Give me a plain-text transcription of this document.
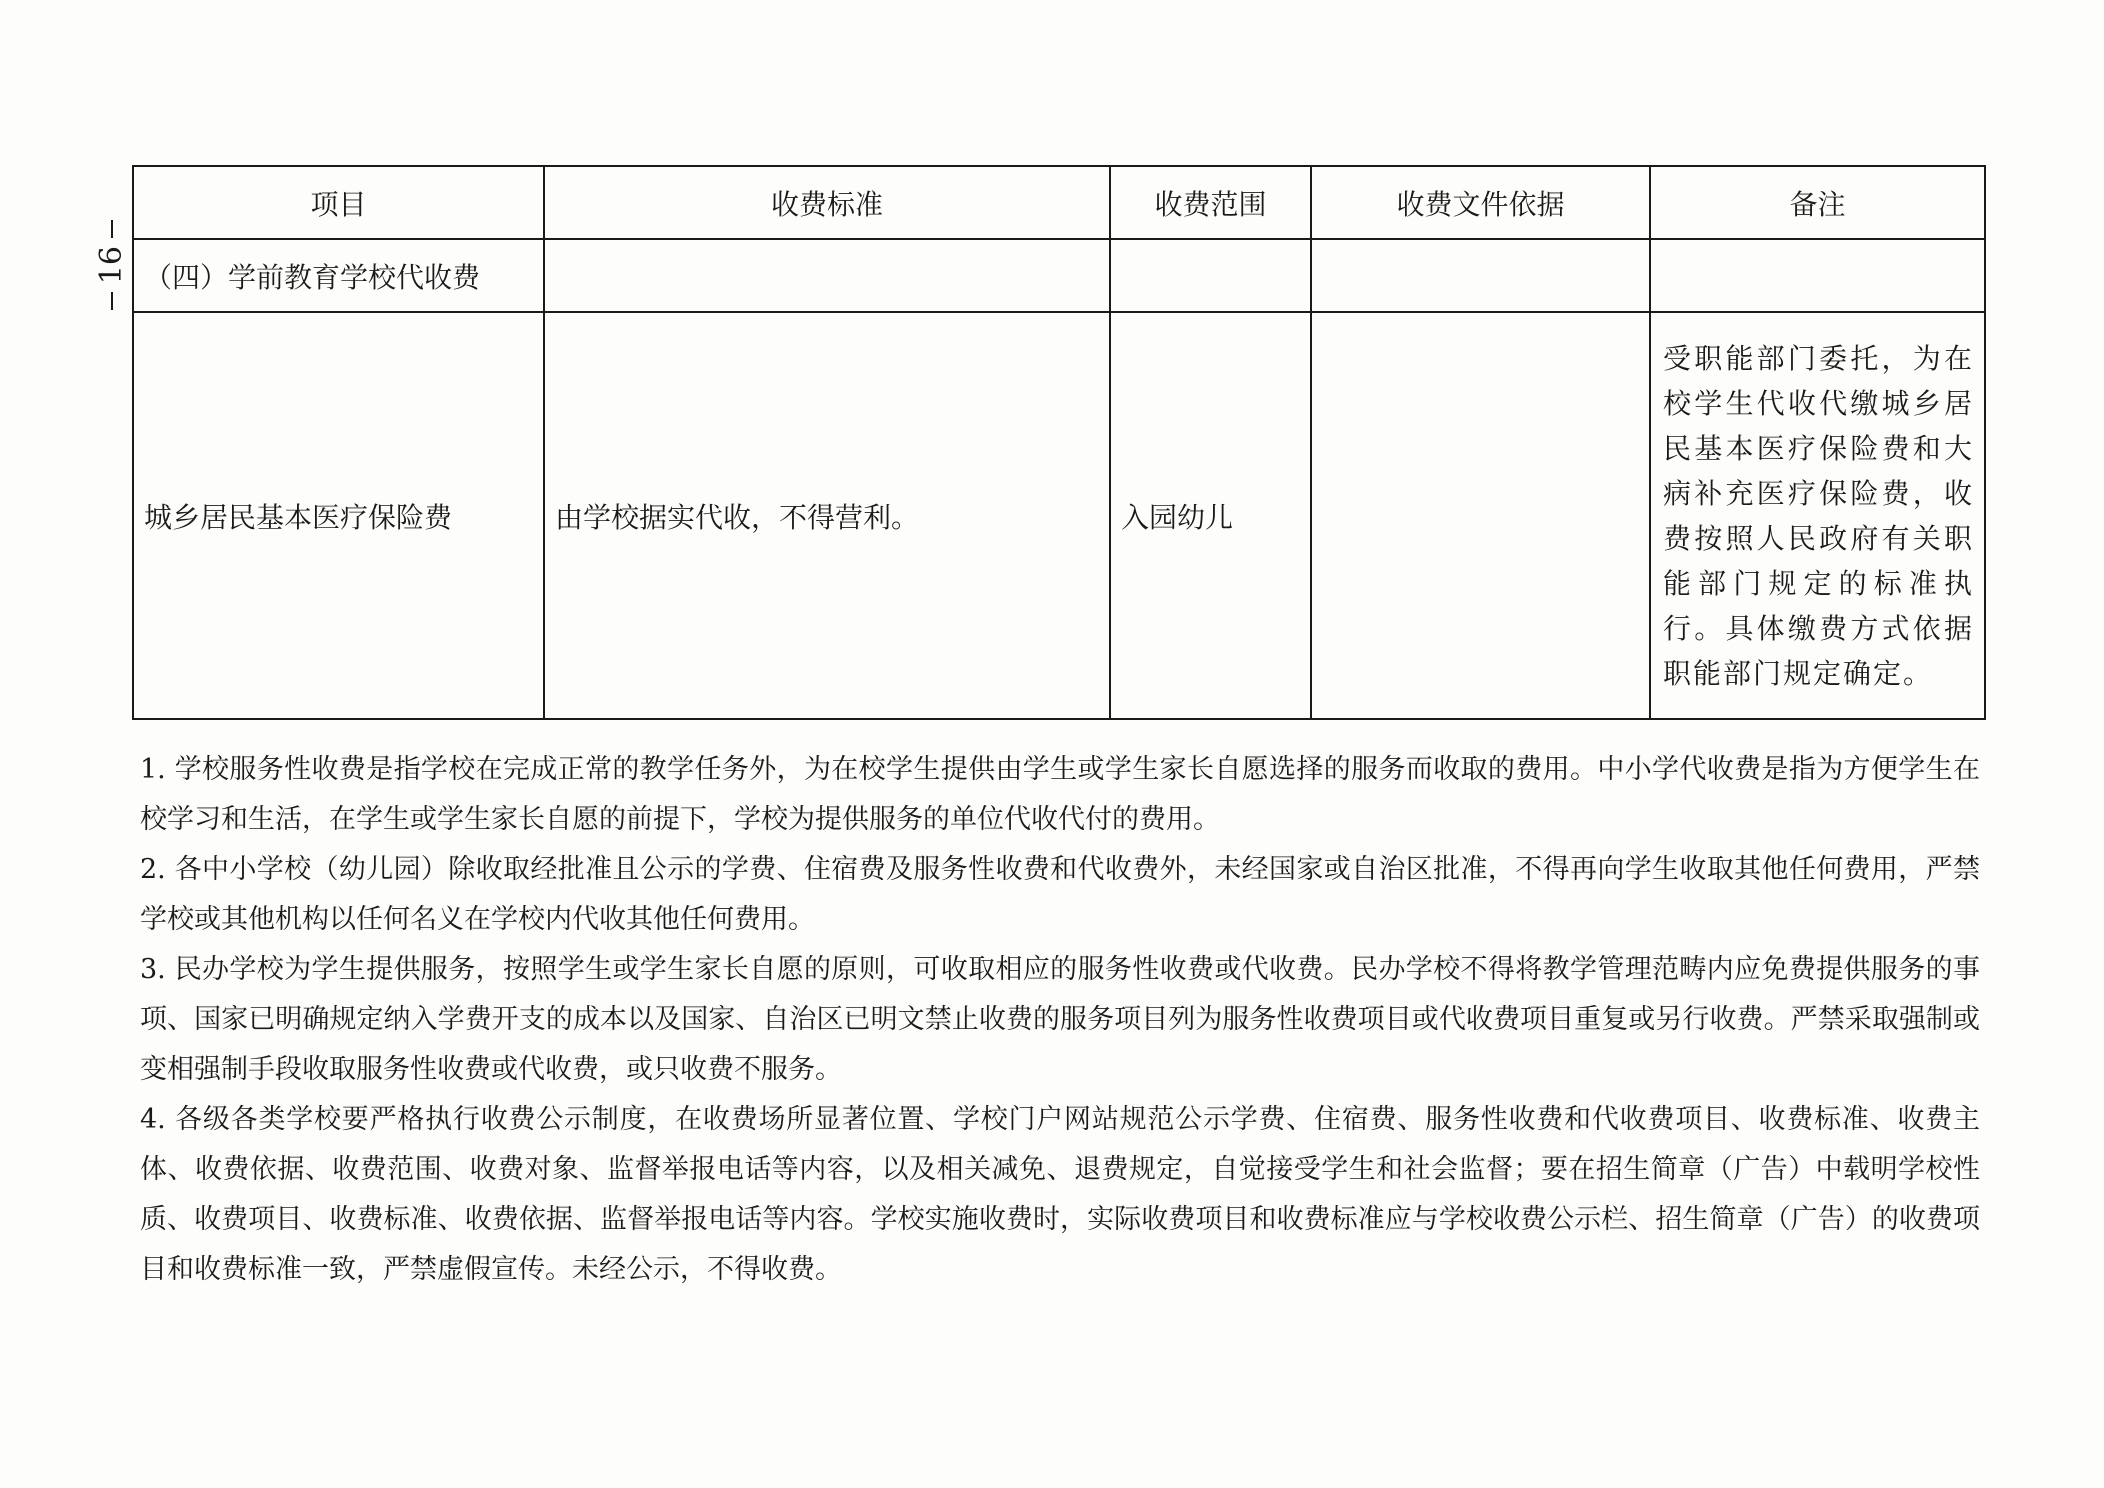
16
项目	收费标准	收费范围	收费文件依据	备注
（四）学前教育学校代收费				
城乡居民基本医疗保险费	由学校据实代收，不得营利。	入园幼儿		受职能部门委托，为在校学生代收代缴城乡居民基本医疗保险费和大病补充医疗保险费，收费按照人民政府有关职能部门规定的标准执行。具体缴费方式依据职能部门规定确定。

1. 学校服务性收费是指学校在完成正常的教学任务外，为在校学生提供由学生或学生家长自愿选择的服务而收取的费用。中小学代收费是指为方便学生在校学习和生活，在学生或学生家长自愿的前提下，学校为提供服务的单位代收代付的费用。

2. 各中小学校（幼儿园）除收取经批准且公示的学费、住宿费及服务性收费和代收费外，未经国家或自治区批准，不得再向学生收取其他任何费用，严禁学校或其他机构以任何名义在学校内代收其他任何费用。

3. 民办学校为学生提供服务，按照学生或学生家长自愿的原则，可收取相应的服务性收费或代收费。民办学校不得将教学管理范畴内应免费提供服务的事项、国家已明确规定纳入学费开支的成本以及国家、自治区已明文禁止收费的服务项目列为服务性收费项目或代收费项目重复或另行收费。严禁采取强制或变相强制手段收取服务性收费或代收费，或只收费不服务。

4. 各级各类学校要严格执行收费公示制度，在收费场所显著位置、学校门户网站规范公示学费、住宿费、服务性收费和代收费项目、收费标准、收费主体、收费依据、收费范围、收费对象、监督举报电话等内容，以及相关减免、退费规定，自觉接受学生和社会监督；要在招生简章（广告）中载明学校性质、收费项目、收费标准、收费依据、监督举报电话等内容。学校实施收费时，实际收费项目和收费标准应与学校收费公示栏、招生简章（广告）的收费项目和收费标准一致，严禁虚假宣传。未经公示，不得收费。
